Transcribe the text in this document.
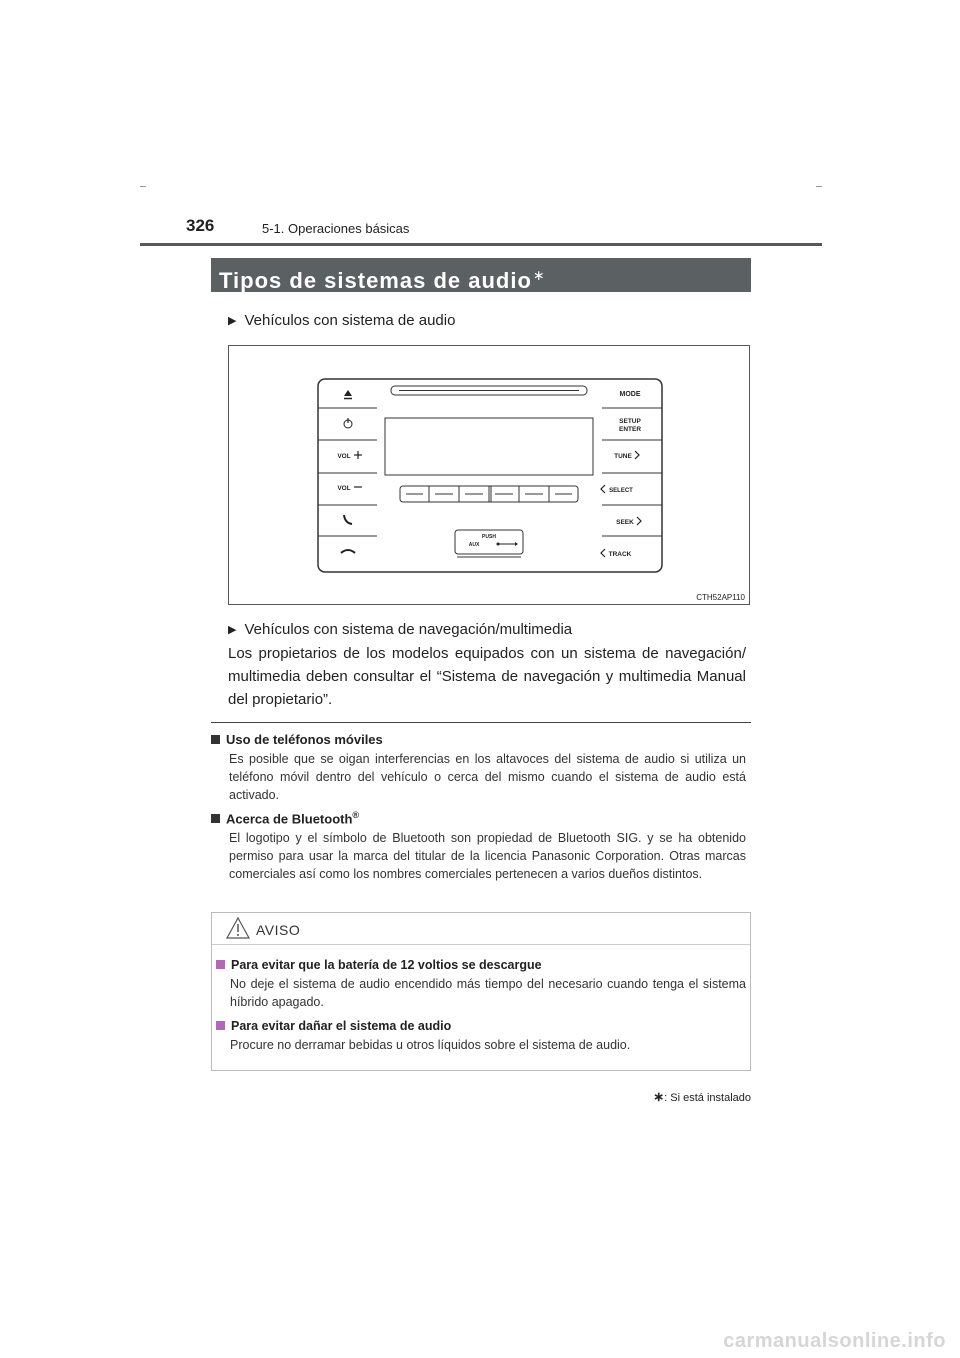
326	5-1. Operaciones básicas
Tipos de sistemas de audio∗
▶ Vehículos con sistema de audio
MODE
SETUP
ENTER
TUNE
SELECT
SEEK
TRACK
VOL
VOL
PUSH
AUX
CTH52AP110
▶ Vehículos con sistema de navegación/multimedia
Los propietarios de los modelos equipados con un sistema de navegación/ multimedia deben consultar el “Sistema de navegación y multimedia Manual del propietario”.
Uso de teléfonos móviles
Es posible que se oigan interferencias en los altavoces del sistema de audio si utiliza un teléfono móvil dentro del vehículo o cerca del mismo cuando el sistema de audio está activado.
Acerca de Bluetooth®
El logotipo y el símbolo de Bluetooth son propiedad de Bluetooth SIG. y se ha obtenido permiso para usar la marca del titular de la licencia Panasonic Corporation. Otras marcas comerciales así como los nombres comerciales pertenecen a varios dueños distintos.
AVISO
Para evitar que la batería de 12 voltios se descargue
No deje el sistema de audio encendido más tiempo del necesario cuando tenga el sistema híbrido apagado.
Para evitar dañar el sistema de audio
Procure no derramar bebidas u otros líquidos sobre el sistema de audio.
∗: Si está instalado
carmanualsonline.info
